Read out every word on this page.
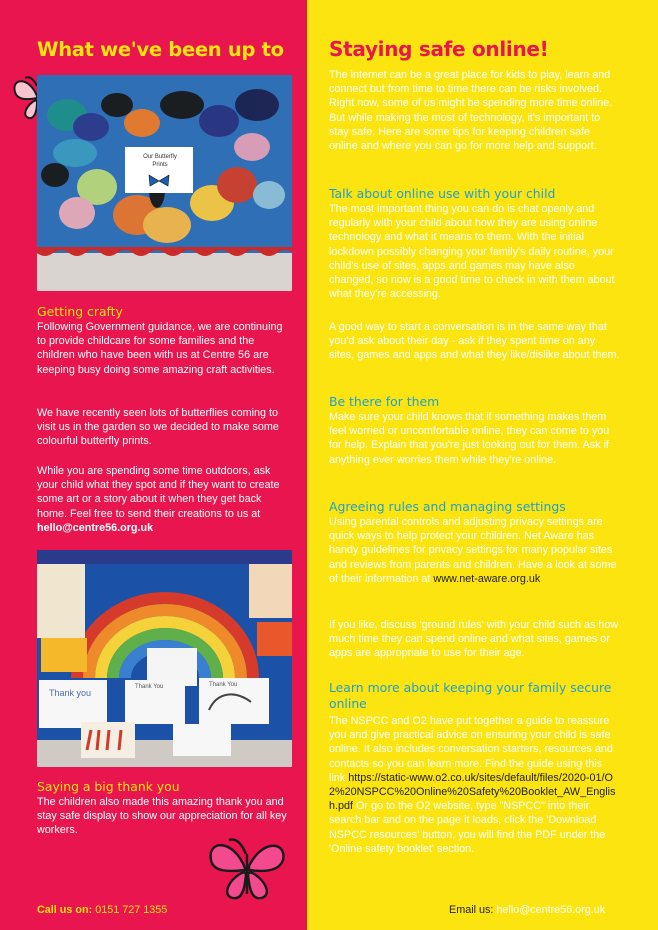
What we've been up to
Our Butterfly Prints
Getting crafty
Following Government guidance, we are continuing to provide childcare for some families and the children who have been with us at Centre 56 are keeping busy doing some amazing craft activities.
We have recently seen lots of butterflies coming to visit us in the garden so we decided to make some colourful butterfly prints.
While you are spending some time outdoors, ask your child what they spot and if they want to create some art or a story about it when they get back home. Feel free to send their creations to us at hello@centre56.org.uk
Thank you
Thank You	Thank You
Saying a big thank you
The children also made this amazing thank you and stay safe display to show our appreciation for all key workers.
Call us on: 0151 727 1355
Staying safe online!
The internet can be a great place for kids to play, learn and connect but from time to time there can be risks involved. Right now, some of us might be spending more time online. But while making the most of technology, it's important to stay safe. Here are some tips for keeping children safe online and where you can go for more help and support.
Talk about online use with your child
The most important thing you can do is chat openly and regularly with your child about how they are using online technology and what it means to them. With the initial lockdown possibly changing your family's daily routine, your child's use of sites, apps and games may have also changed, so now is a good time to check in with them about what they're accessing.
A good way to start a conversation is in the same way that you'd ask about their day - ask if they spent time on any sites, games and apps and what they like/dislike about them.
Be there for them
Make sure your child knows that if something makes them feel worried or uncomfortable online, they can come to you for help. Explain that you're just looking out for them. Ask if anything ever worries them while they're online.
Agreeing rules and managing settings
Using parental controls and adjusting privacy settings are quick ways to help protect your children. Net Aware has handy guidelines for privacy settings for many popular sites and reviews from parents and children. Have a look at some of their information at www.net-aware.org.uk
If you like, discuss 'ground rules' with your child such as how much time they can spend online and what sites, games or apps are appropriate to use for their age.
Learn more about keeping your family secure online
The NSPCC and O2 have put together a guide to reassure you and give practical advice on ensuring your child is safe online. It also includes conversation starters, resources and contacts so you can learn more. Find the guide using this link https://static-www.o2.co.uk/sites/default/files/2020-01/O2%20NSPCC%20Online%20Safety%20Booklet_AW_English.pdf Or go to the O2 website, type "NSPCC" into their search bar and on the page it loads, click the 'Download NSPCC resources' button, you will find the PDF under the 'Online safety booklet' section.
Email us: hello@centre56.org.uk
